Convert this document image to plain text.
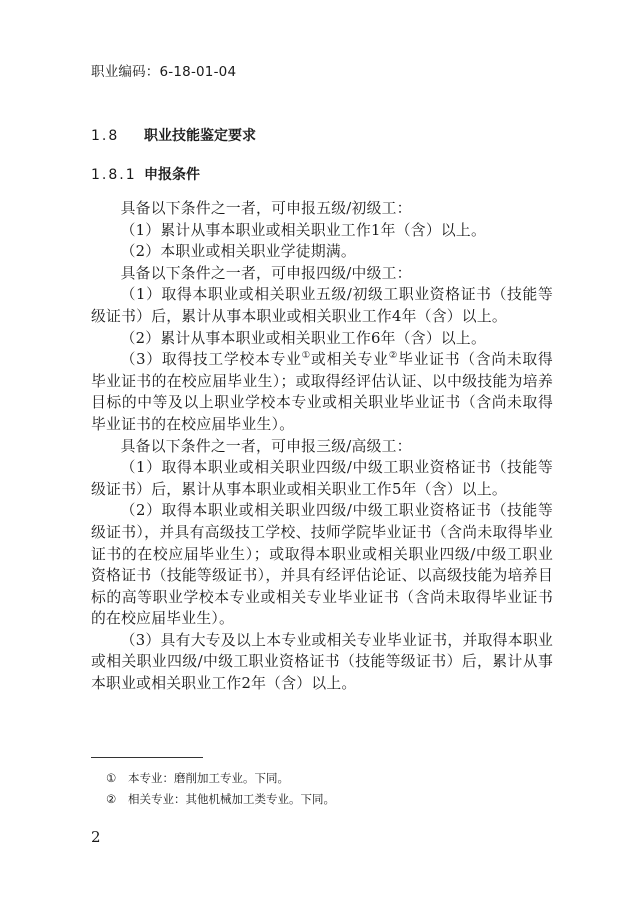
职业编码：6-18-01-04
1.8 职业技能鉴定要求
1.8.1 申报条件

具备以下条件之一者，可申报五级/初级工：

（1）累计从事本职业或相关职业工作1年（含）以上。

（2）本职业或相关职业学徒期满。

具备以下条件之一者，可申报四级/中级工：

（1）取得本职业或相关职业五级/初级工职业资格证书（技能等级证书）后，累计从事本职业或相关职业工作4年（含）以上。

（2）累计从事本职业或相关职业工作6年（含）以上。

（3）取得技工学校本专业①或相关专业②毕业证书（含尚未取得毕业证书的在校应届毕业生）；或取得经评估认证、以中级技能为培养目标的中等及以上职业学校本专业或相关职业毕业证书（含尚未取得毕业证书的在校应届毕业生）。

具备以下条件之一者，可申报三级/高级工：

（1）取得本职业或相关职业四级/中级工职业资格证书（技能等级证书）后，累计从事本职业或相关职业工作5年（含）以上。

（2）取得本职业或相关职业四级/中级工职业资格证书（技能等级证书），并具有高级技工学校、技师学院毕业证书（含尚未取得毕业证书的在校应届毕业生）；或取得本职业或相关职业四级/中级工职业资格证书（技能等级证书），并具有经评估论证、以高级技能为培养目标的高等职业学校本专业或相关专业毕业证书（含尚未取得毕业证书的在校应届毕业生）。

（3）具有大专及以上本专业或相关专业毕业证书，并取得本职业或相关职业四级/中级工职业资格证书（技能等级证书）后，累计从事本职业或相关职业工作2年（含）以上。

① 本专业：磨削加工专业。下同。
② 相关专业：其他机械加工类专业。下同。
2
